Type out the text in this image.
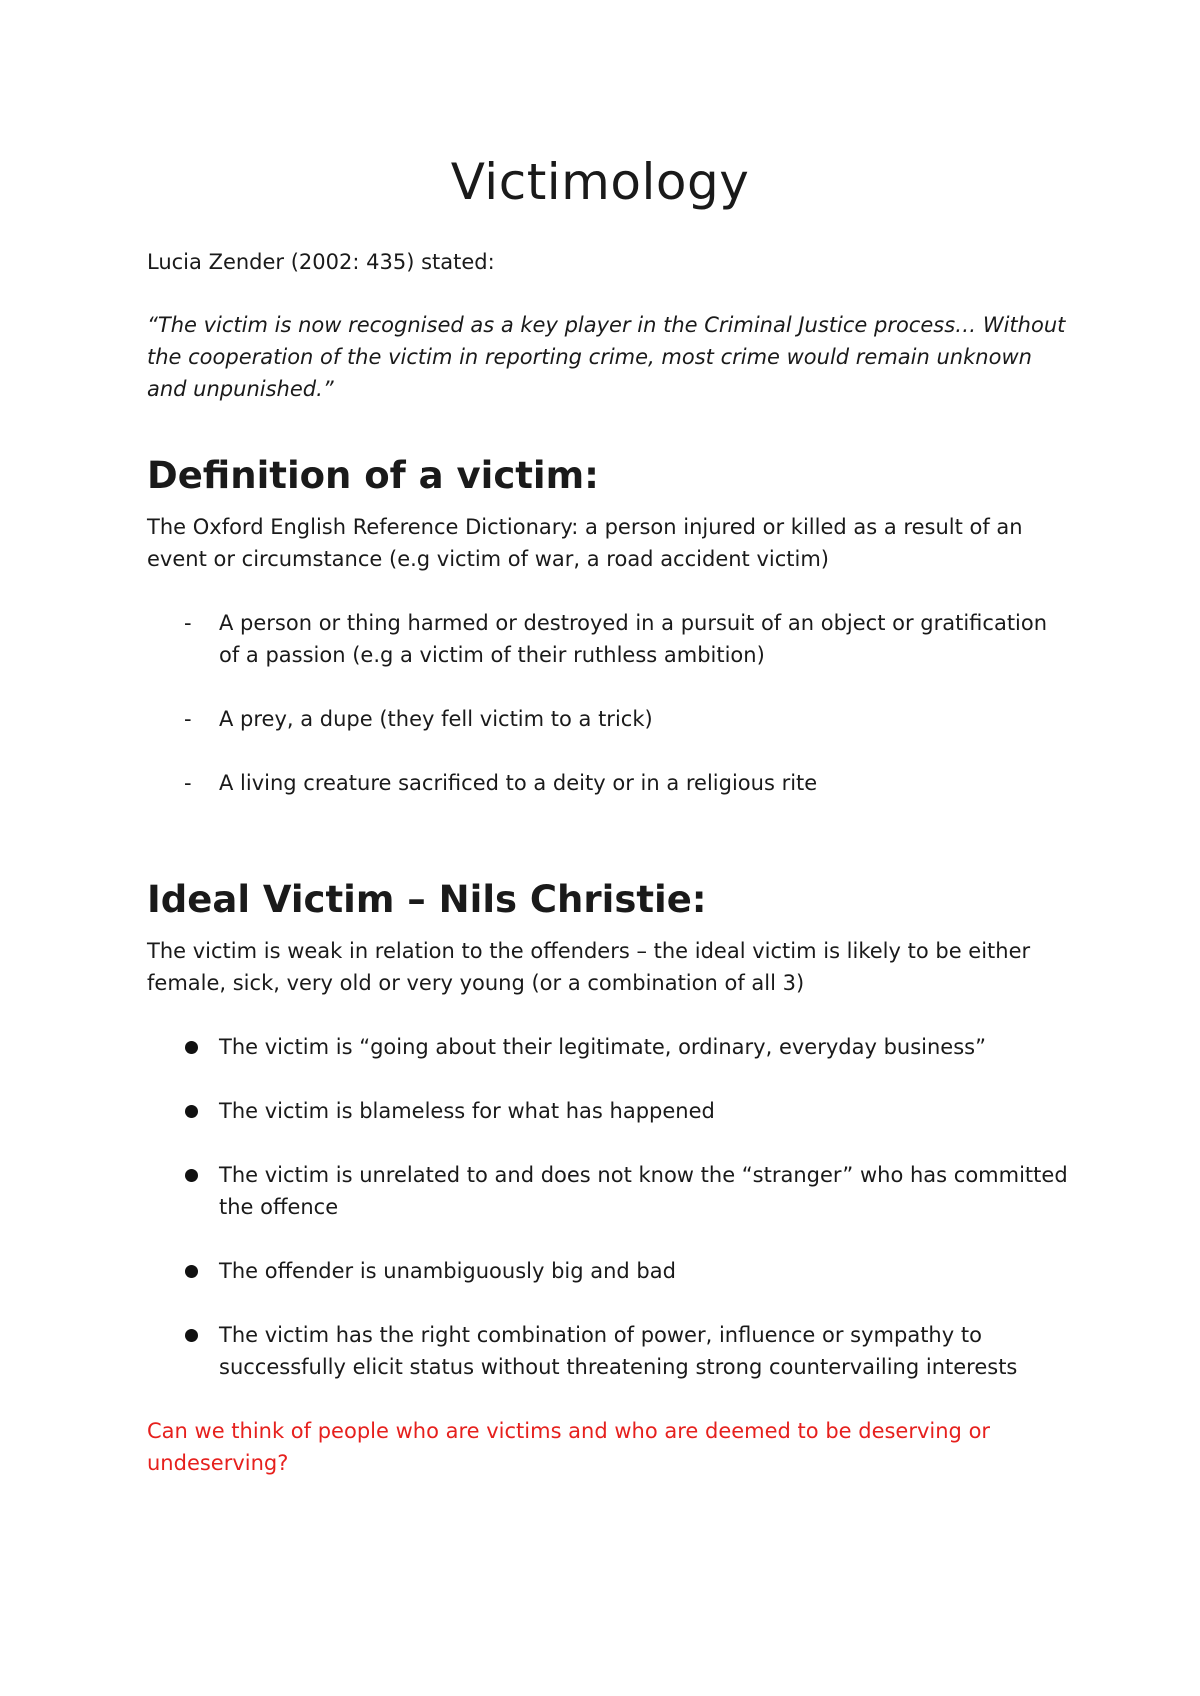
Victimology

Lucia Zender (2002: 435) stated:

“The victim is now recognised as a key player in the Criminal Justice process… Without the cooperation of the victim in reporting crime, most crime would remain unknown and unpunished.”

Definition of a victim:

The Oxford English Reference Dictionary: a person injured or killed as a result of an event or circumstance (e.g victim of war, a road accident victim)

- A person or thing harmed or destroyed in a pursuit of an object or gratification of a passion (e.g a victim of their ruthless ambition)
- A prey, a dupe (they fell victim to a trick)
- A living creature sacrificed to a deity or in a religious rite
Ideal Victim – Nils Christie:

The victim is weak in relation to the offenders – the ideal victim is likely to be either female, sick, very old or very young (or a combination of all 3)

The victim is “going about their legitimate, ordinary, everyday business”
The victim is blameless for what has happened
The victim is unrelated to and does not know the “stranger” who has committed the offence
The offender is unambiguously big and bad
The victim has the right combination of power, influence or sympathy to successfully elicit status without threatening strong countervailing interests

Can we think of people who are victims and who are deemed to be deserving or undeserving?
